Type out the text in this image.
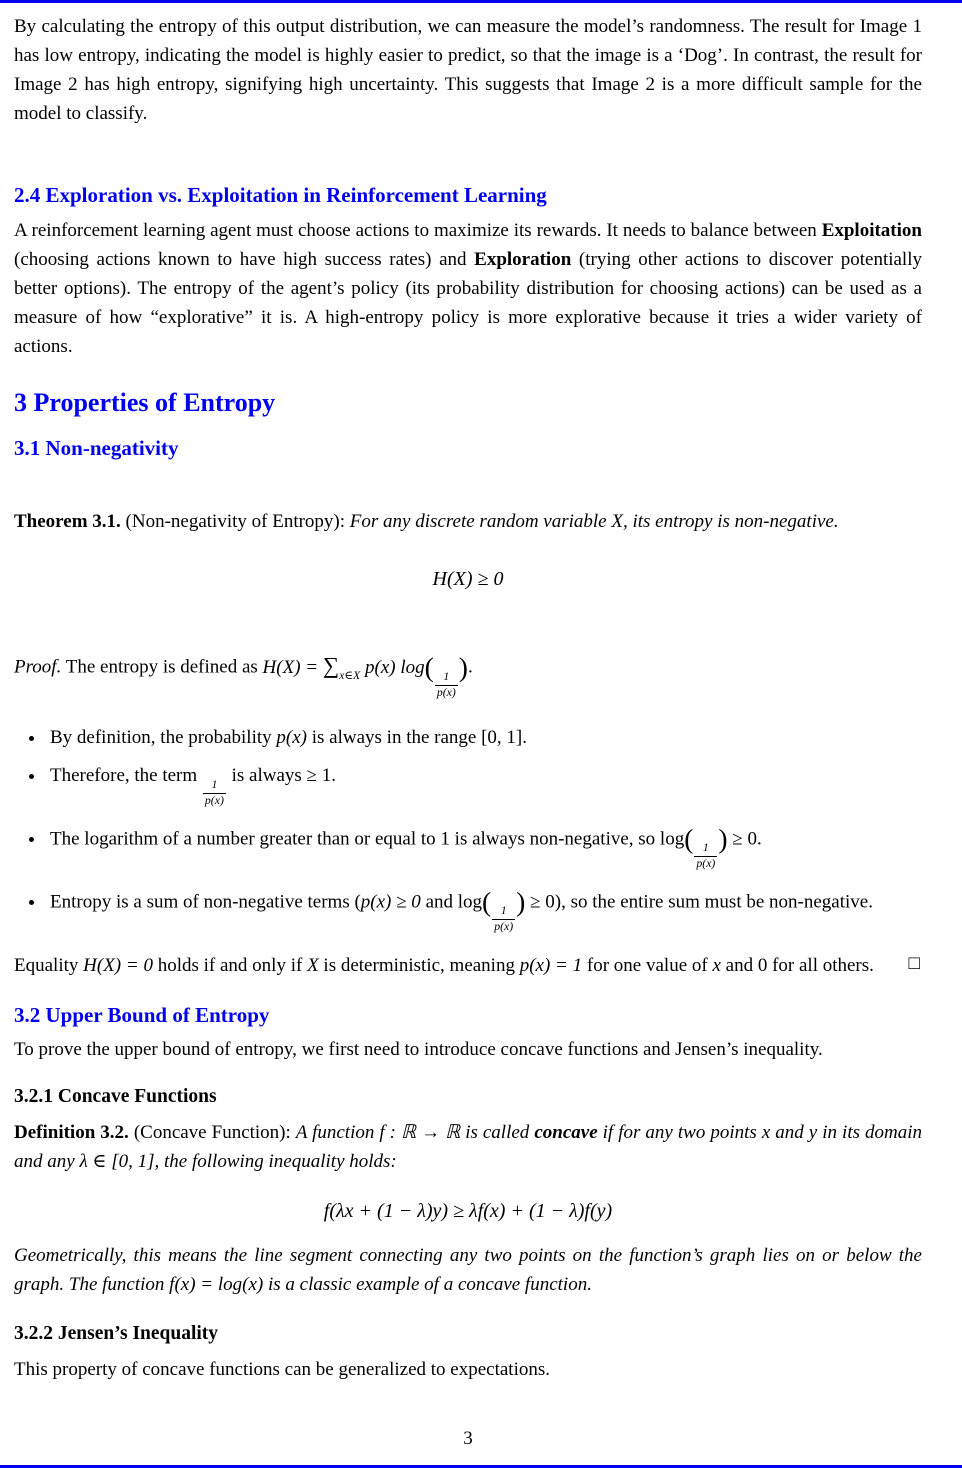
By calculating the entropy of this output distribution, we can measure the model’s randomness. The result for Image 1 has low entropy, indicating the model is highly easier to predict, so that the image is a ‘Dog’. In contrast, the result for Image 2 has high entropy, signifying high uncertainty. This suggests that Image 2 is a more difficult sample for the model to classify.

2.4 Exploration vs. Exploitation in Reinforcement Learning

A reinforcement learning agent must choose actions to maximize its rewards. It needs to balance between Exploitation (choosing actions known to have high success rates) and Exploration (trying other actions to discover potentially better options). The entropy of the agent’s policy (its probability distribution for choosing actions) can be used as a measure of how “explorative” it is. A high-entropy policy is more explorative because it tries a wider variety of actions.

3 Properties of Entropy
3.1 Non-negativity

Theorem 3.1. (Non-negativity of Entropy): For any discrete random variable X, its entropy is non-negative.

H(X) ≥ 0

Proof. The entropy is defined as $H(X) = \sum_{x\in X}$ p(x) log(
$\frac{1}{p(x)}$
).

• By definition, the probability p(x) is always in the range [0, 1].
• Therefore, the term
$\frac{1}{p(x)}$
is always ≥ 1.
• The logarithm of a number greater than or equal to 1 is always non-negative, so log(
$\frac{1}{p(x)}$
) ≥ 0.
• Entropy is a sum of non-negative terms (p(x) ≥ 0 and log(
$\frac{1}{p(x)}$
) ≥ 0), so the entire sum must be non-negative.

Equality H(X) = 0 holds if and only if X is deterministic, meaning p(x) = 1 for one value of x and 0 for all others. □

3.2 Upper Bound of Entropy

To prove the upper bound of entropy, we first need to introduce concave functions and Jensen’s inequality.

3.2.1 Concave Functions

Definition 3.2. (Concave Function): A function f : ℝ → ℝ is called concave if for any two points x and y in its domain and any λ ∈ [0, 1], the following inequality holds:

f(λx + (1 − λ)y) ≥ λf(x) + (1 − λ)f(y)

Geometrically, this means the line segment connecting any two points on the function’s graph lies on or below the graph. The function f(x) = log(x) is a classic example of a concave function.

3.2.2 Jensen’s Inequality

This property of concave functions can be generalized to expectations.

3
